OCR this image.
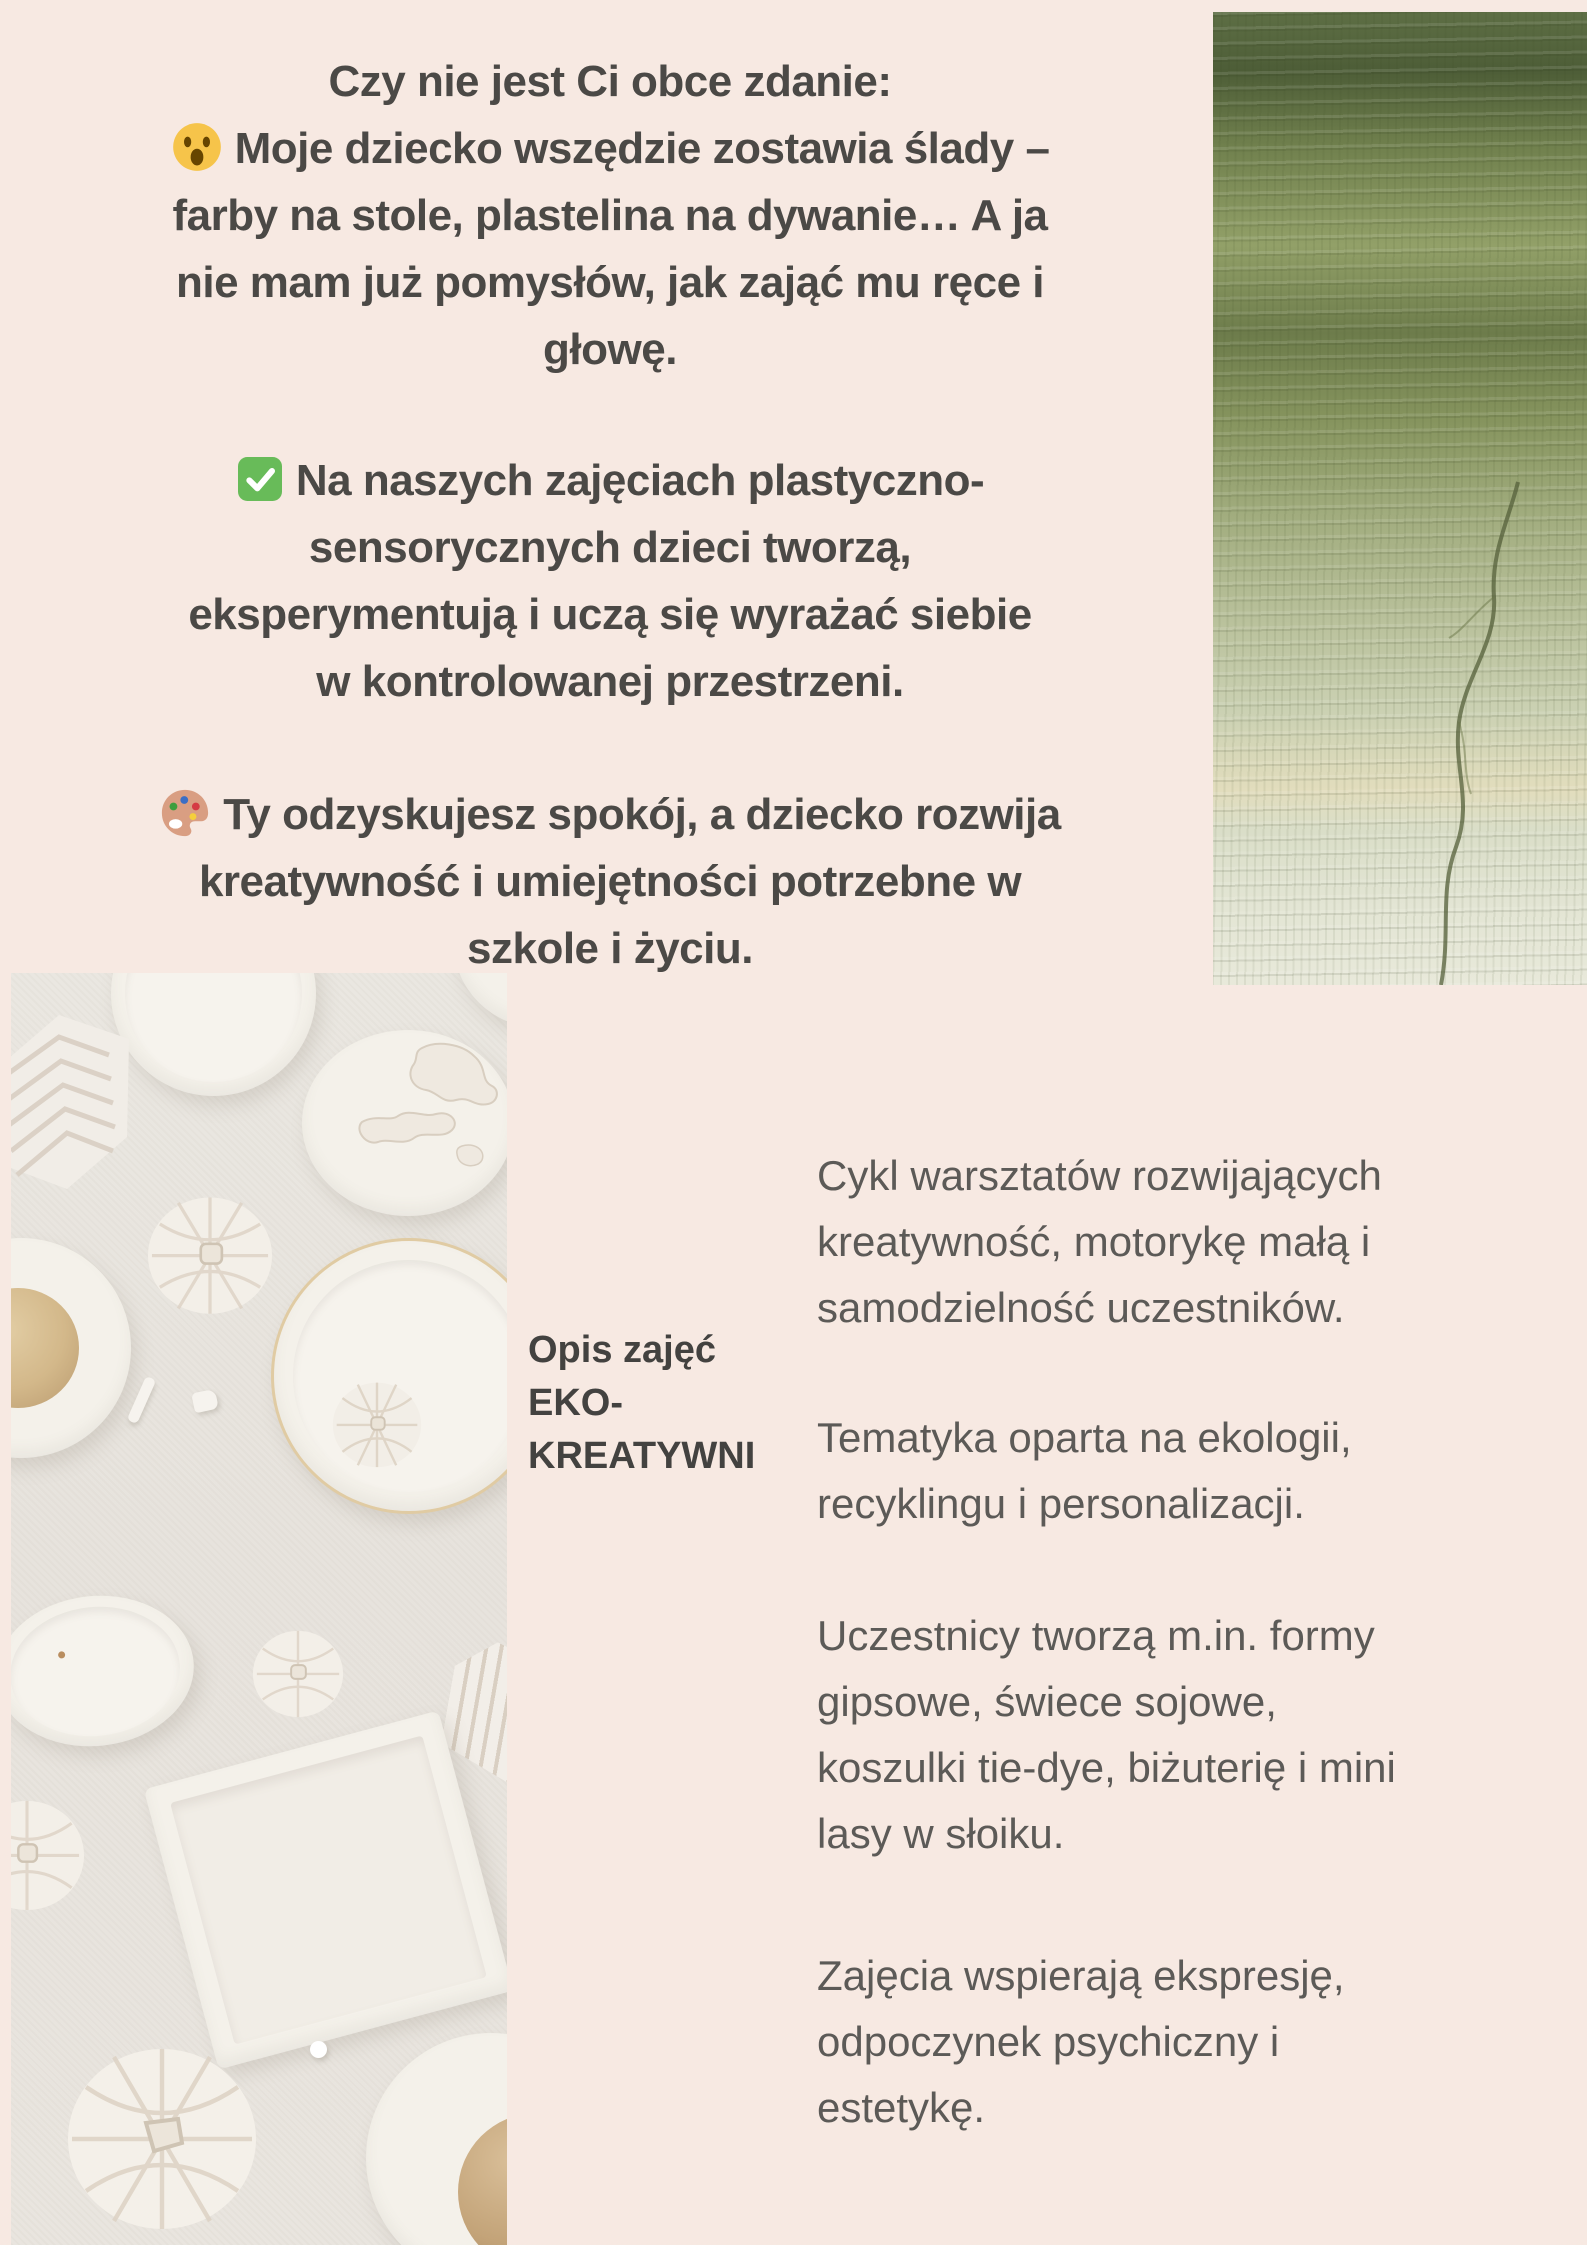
Czy nie jest Ci obce zdanie:
Moje dziecko wszędzie zostawia ślady –
farby na stole, plastelina na dywanie… A ja
nie mam już pomysłów, jak zająć mu ręce i
głowę.
Na naszych zajęciach plastyczno-
sensorycznych dzieci tworzą,
eksperymentują i uczą się wyrażać siebie
w kontrolowanej przestrzeni.
Ty odzyskujesz spokój, a dziecko rozwija
kreatywność i umiejętności potrzebne w
szkole i życiu.
Opis zajęć
EKO-
KREATYWNI
Cykl warsztatów rozwijających
kreatywność, motorykę małą i
samodzielność uczestników.
Tematyka oparta na ekologii,
recyklingu i personalizacji.
Uczestnicy tworzą m.in. formy
gipsowe, świece sojowe,
koszulki tie-dye, biżuterię i mini
lasy w słoiku.
Zajęcia wspierają ekspresję,
odpoczynek psychiczny i
estetykę.
